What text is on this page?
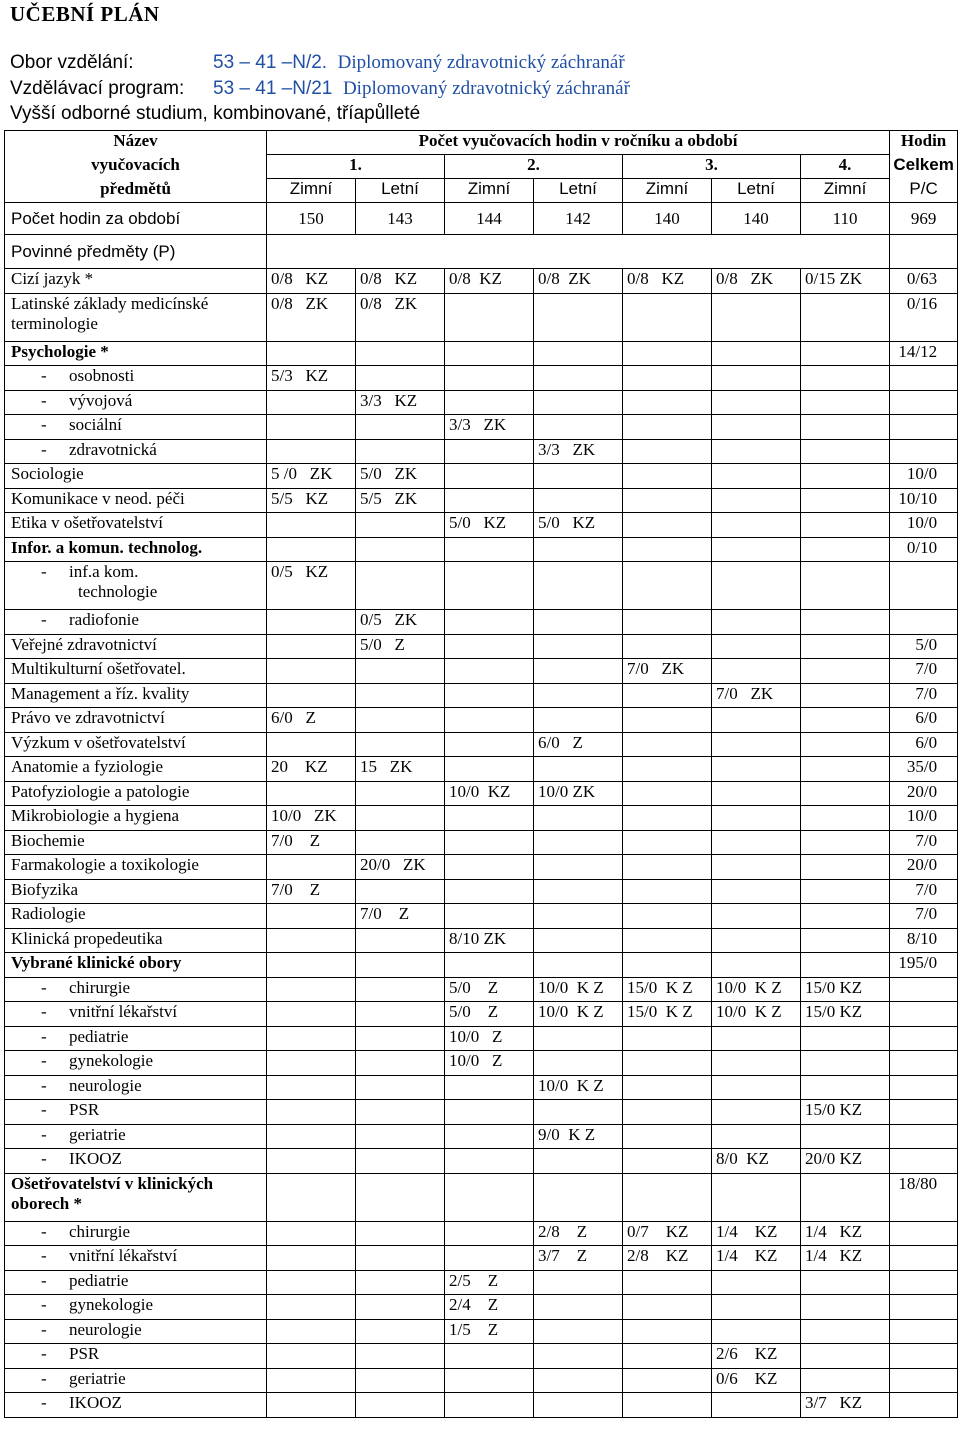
UČEBNÍ PLÁN
Obor vzdělání:	53 – 41 –N/2. Diplomovaný zdravotnický záchranář
Vzdělávací program: 53 – 41 –N/21 Diplomovaný zdravotnický záchranář
Vyšší odborné studium, kombinované, tříapůlleté
Název	Počet vyučovacích hodin v ročníku a období							Hodin
vyučovacích	1.		2.		3.		4.	Celkem
předmětů	Zimní	Letní	Zimní	Letní	Zimní	Letní	Zimní	P/C
Počet hodin za období	150	143	144	142	140	140	110	969
Povinné předměty (P)								

Cizí jazyk *	0/8   KZ	0/8   KZ	0/8  KZ	0/8  ZK	0/8   KZ	0/8   ZK	0/15 ZK	0/63

Latinské základy medicínské
terminologie	0/8   ZK	0/8   ZK						0/16

Psychologie *								14/12
- osobnosti	5/3   KZ							
- vývojová		3/3   KZ						
- sociální			3/3   ZK					
- zdravotnická				3/3   ZK				

Sociologie	5 /0   ZK	5/0   ZK						10/0

Komunikace v neod. péči	5/5   KZ	5/5   ZK						10/10

Etika v ošetřovatelství			5/0   KZ	5/0   KZ				10/0

Infor. a komun. technolog.								0/10
- inf.a kom.
technologie	0/5   KZ							
- radiofonie		0/5   ZK						

Veřejné zdravotnictví		5/0   Z						5/0

Multikulturní ošetřovatel.					7/0   ZK			7/0

Management a říz. kvality						7/0   ZK		7/0

Právo ve zdravotnictví	6/0   Z							6/0

Výzkum v ošetřovatelství				6/0   Z				6/0

Anatomie a fyziologie	20    KZ	15   ZK						35/0

Patofyziologie a patologie			10/0  KZ	10/0 ZK				20/0

Mikrobiologie a hygiena	10/0   ZK							10/0

Biochemie	7/0    Z							7/0

Farmakologie a toxikologie		20/0   ZK						20/0

Biofyzika	7/0    Z							7/0

Radiologie		7/0    Z						7/0

Klinická propedeutika			8/10 ZK					8/10

Vybrané klinické obory								195/0
- chirurgie			5/0    Z	10/0  K Z	15/0  K Z	10/0  K Z	15/0 KZ	
- vnitřní lékařství			5/0    Z	10/0  K Z	15/0  K Z	10/0  K Z	15/0 KZ	
- pediatrie			10/0   Z					
- gynekologie			10/0   Z					
- neurologie				10/0  K Z				
- PSR							15/0 KZ	
- geriatrie				9/0  K Z				
- IKOOZ						8/0  KZ	20/0 KZ	

Ošetřovatelství v klinických
oborech *								18/80
- chirurgie				2/8    Z	0/7    KZ	1/4    KZ	1/4   KZ	
- vnitřní lékařství				3/7    Z	2/8    KZ	1/4    KZ	1/4   KZ	
- pediatrie			2/5    Z					
- gynekologie			2/4    Z					
- neurologie			1/5    Z					
- PSR						2/6    KZ		
- geriatrie						0/6    KZ		
- IKOOZ							3/7   KZ	
